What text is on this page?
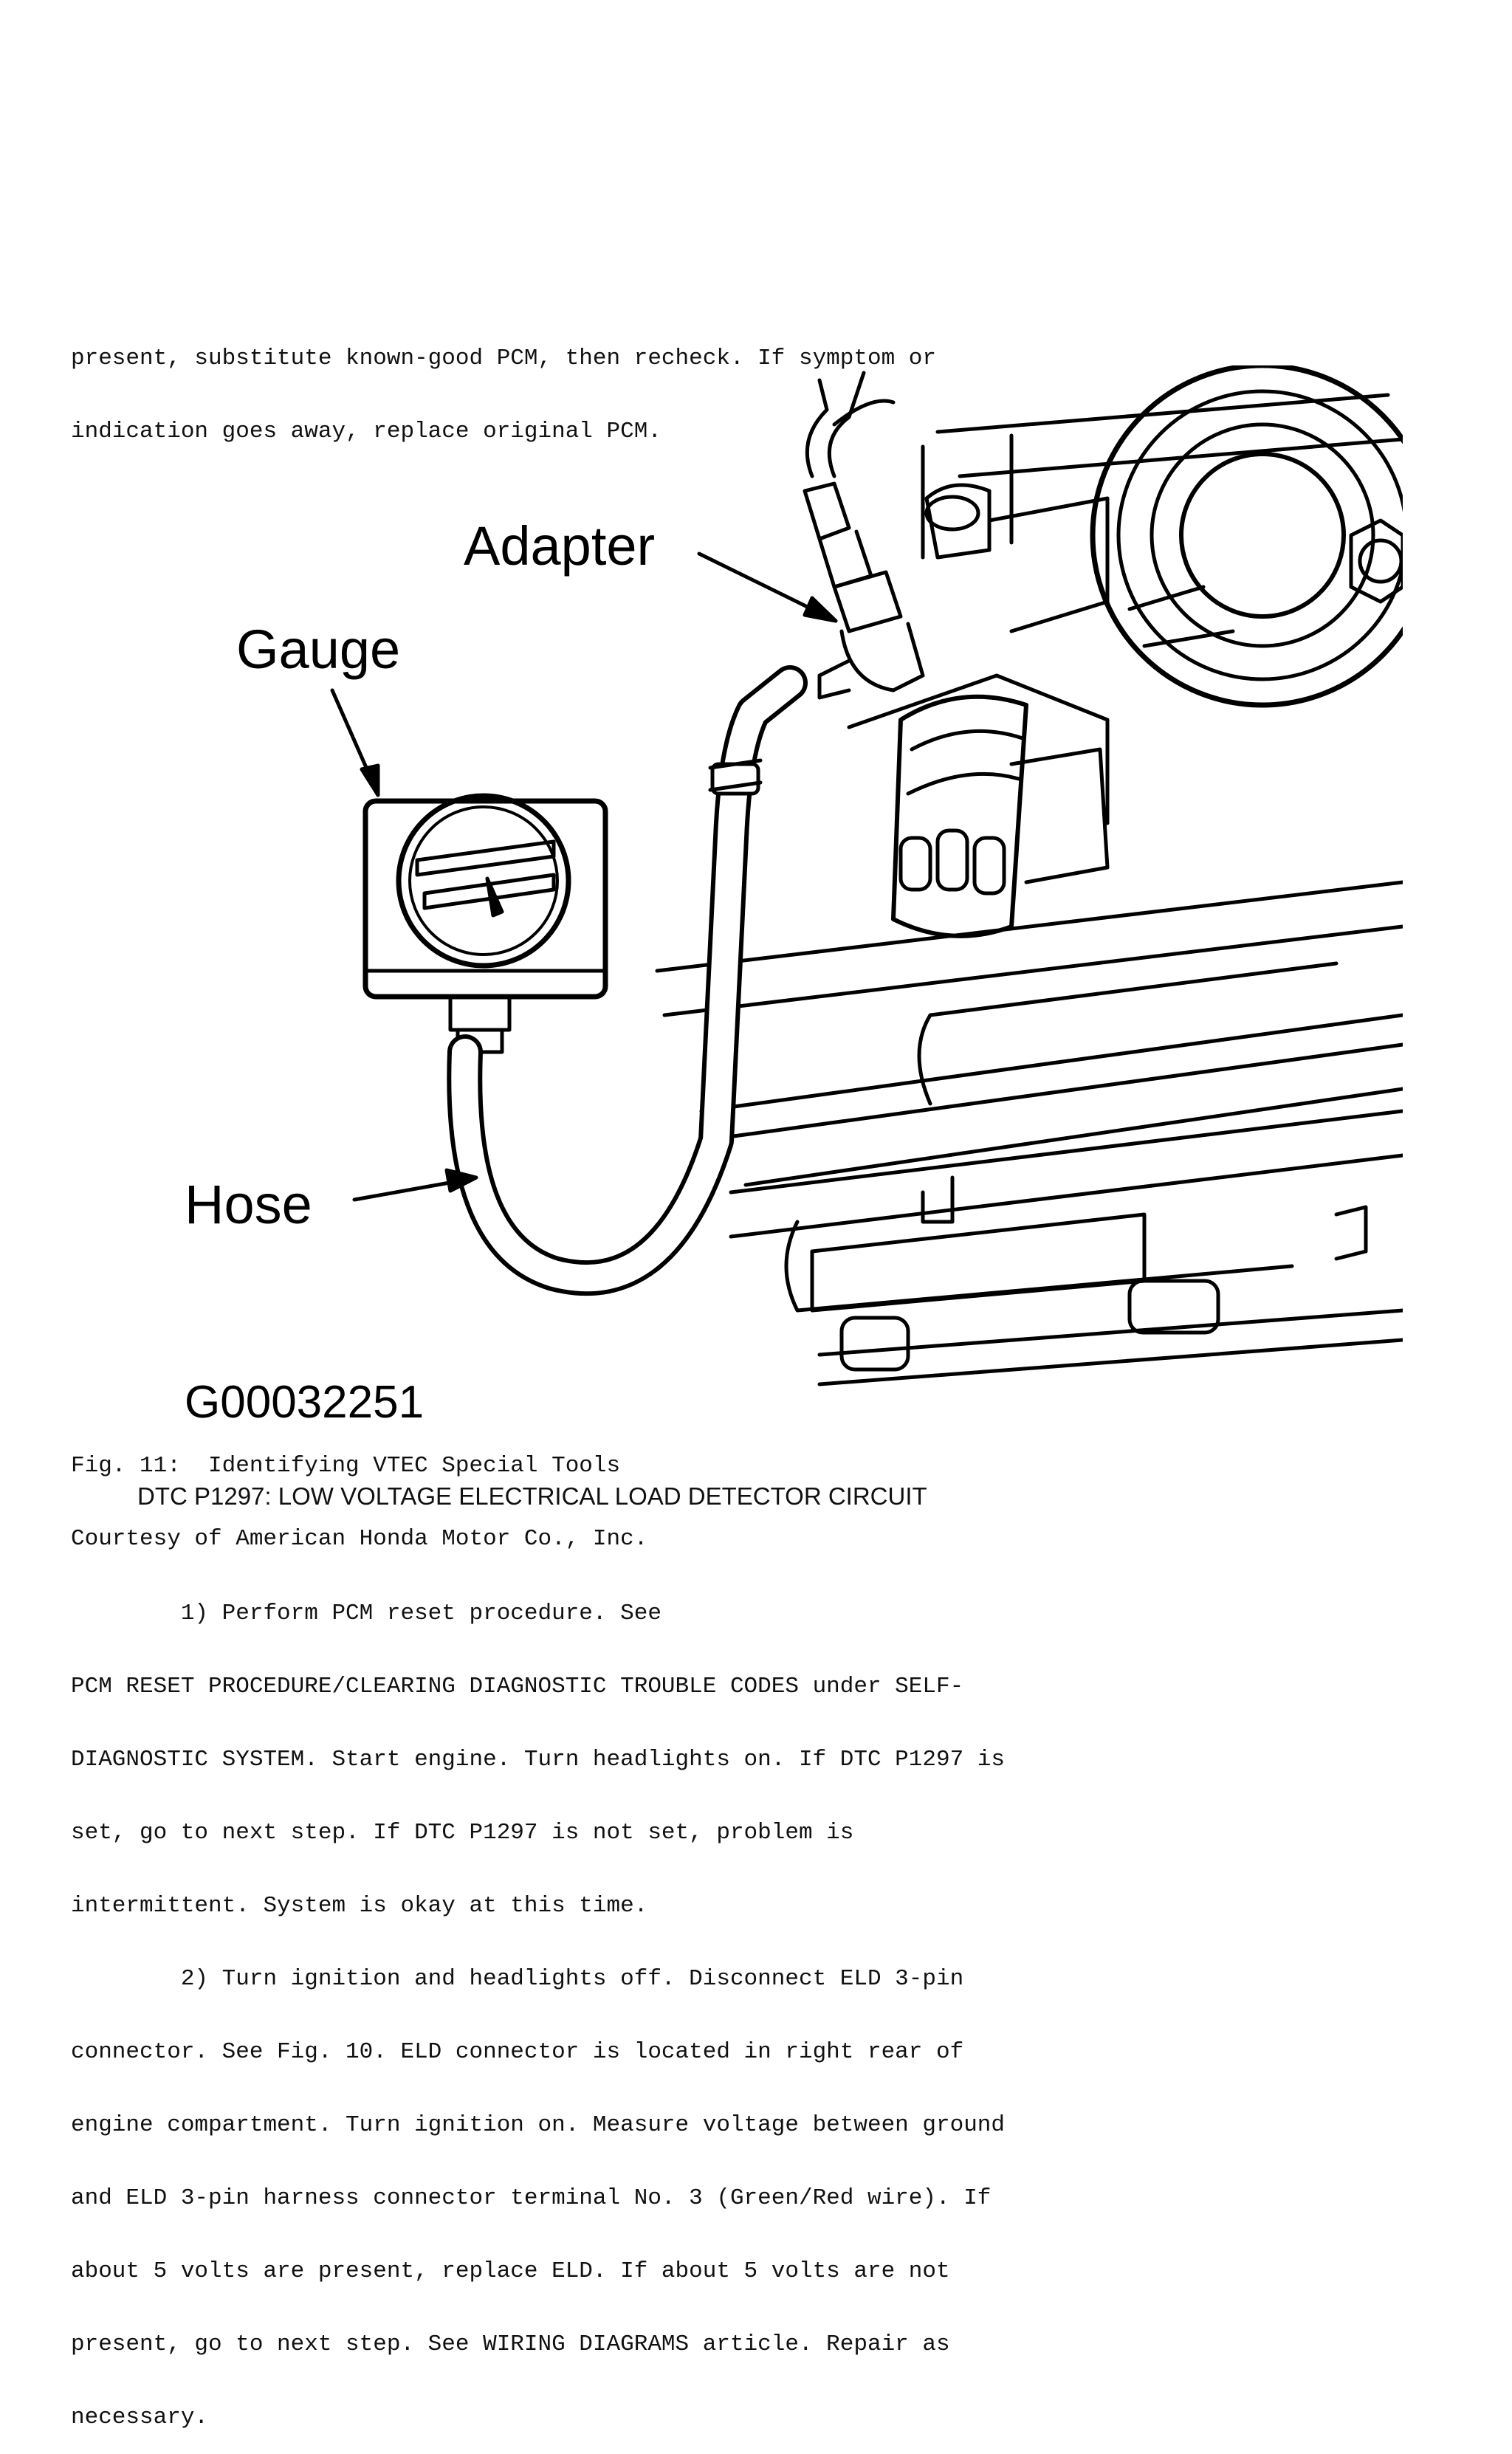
present, substitute known-good PCM, then recheck. If symptom or

indication goes away, replace original PCM.

Adapter
Gauge
Hose
G00032251

Fig. 11:  Identifying VTEC Special Tools

Courtesy of American Honda Motor Co., Inc.

DTC P1297: LOW VOLTAGE ELECTRICAL LOAD DETECTOR CIRCUIT

1) Perform PCM reset procedure. See

PCM RESET PROCEDURE/CLEARING DIAGNOSTIC TROUBLE CODES under SELF-

DIAGNOSTIC SYSTEM. Start engine. Turn headlights on. If DTC P1297 is

set, go to next step. If DTC P1297 is not set, problem is

intermittent. System is okay at this time.

2) Turn ignition and headlights off. Disconnect ELD 3-pin

connector. See Fig. 10. ELD connector is located in right rear of

engine compartment. Turn ignition on. Measure voltage between ground

and ELD 3-pin harness connector terminal No. 3 (Green/Red wire). If

about 5 volts are present, replace ELD. If about 5 volts are not

present, go to next step. See WIRING DIAGRAMS article. Repair as

necessary.
